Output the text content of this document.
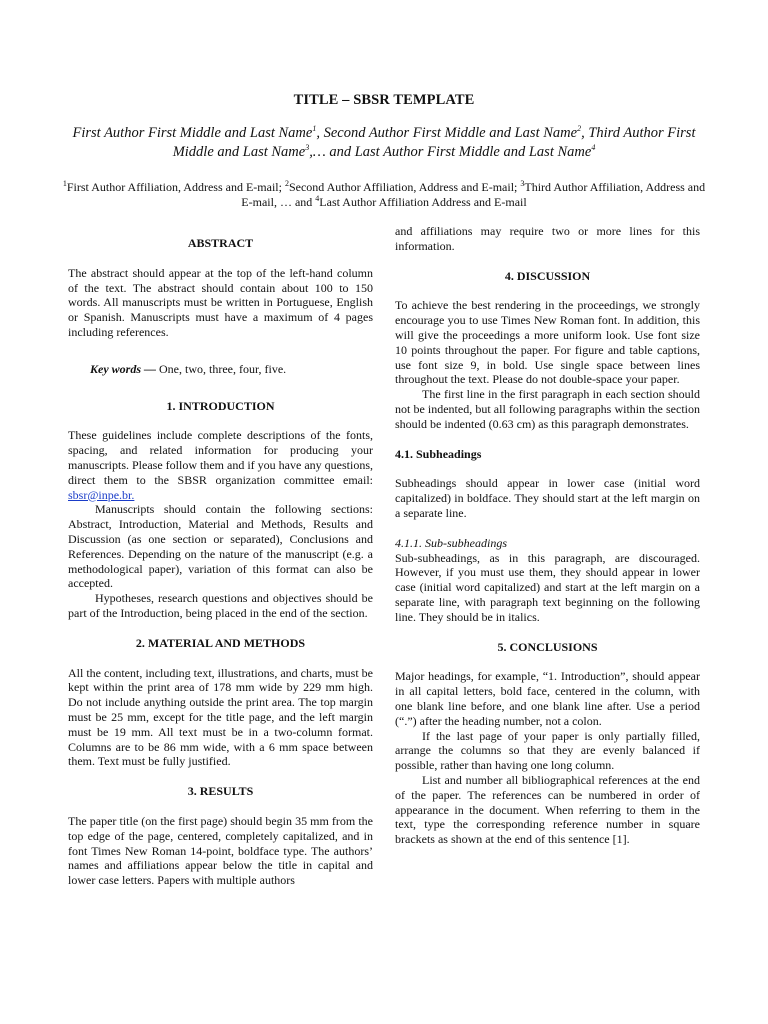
TITLE – SBSR TEMPLATE
First Author First Middle and Last Name$^1$, Second Author First Middle and Last Name$^2$, Third Author First Middle and Last Name$^3$,… and Last Author First Middle and Last Name$^4$
$^1$First Author Affiliation, Address and E-mail; $^2$Second Author Affiliation, Address and E-mail; $^3$Third Author Affiliation, Address and E-mail, … and $^4$Last Author Affiliation Address and E-mail

ABSTRACT

The abstract should appear at the top of the left-hand column of the text. The abstract should contain about 100 to 150 words. All manuscripts must be written in Portuguese, English or Spanish. Manuscripts must have a maximum of 4 pages including references.

Key words — One, two, three, four, five.

1. INTRODUCTION

These guidelines include complete descriptions of the fonts, spacing, and related information for producing your manuscripts. Please follow them and if you have any questions, direct them to the SBSR organization committee email: sbsr@inpe.br.

Manuscripts should contain the following sections: Abstract, Introduction, Material and Methods, Results and Discussion (as one section or separated), Conclusions and References. Depending on the nature of the manuscript (e.g. a methodological paper), variation of this format can also be accepted.

Hypotheses, research questions and objectives should be part of the Introduction, being placed in the end of the section.

2. MATERIAL AND METHODS

All the content, including text, illustrations, and charts, must be kept within the print area of 178 mm wide by 229 mm high. Do not include anything outside the print area. The top margin must be 25 mm, except for the title page, and the left margin must be 19 mm. All text must be in a two-column format. Columns are to be 86 mm wide, with a 6 mm space between them. Text must be fully justified.

3. RESULTS

The paper title (on the first page) should begin 35 mm from the top edge of the page, centered, completely capitalized, and in font Times New Roman 14-point, boldface type. The authors’ names and affiliations appear below the title in capital and lower case letters. Papers with multiple authors

and affiliations may require two or more lines for this information.

4. DISCUSSION

To achieve the best rendering in the proceedings, we strongly encourage you to use Times New Roman font. In addition, this will give the proceedings a more uniform look. Use font size 10 points throughout the paper. For figure and table captions, use font size 9, in bold. Use single space between lines throughout the text. Please do not double-space your paper.

The first line in the first paragraph in each section should not be indented, but all following paragraphs within the section should be indented (0.63 cm) as this paragraph demonstrates.

4.1. Subheadings

Subheadings should appear in lower case (initial word capitalized) in boldface. They should start at the left margin on a separate line.

4.1.1. Sub-subheadings

Sub-subheadings, as in this paragraph, are discouraged. However, if you must use them, they should appear in lower case (initial word capitalized) and start at the left margin on a separate line, with paragraph text beginning on the following line. They should be in italics.

5. CONCLUSIONS

Major headings, for example, “1. Introduction”, should appear in all capital letters, bold face, centered in the column, with one blank line before, and one blank line after. Use a period (“.”) after the heading number, not a colon.

If the last page of your paper is only partially filled, arrange the columns so that they are evenly balanced if possible, rather than having one long column.

List and number all bibliographical references at the end of the paper. The references can be numbered in order of appearance in the document. When referring to them in the text, type the corresponding reference number in square brackets as shown at the end of this sentence [1].
